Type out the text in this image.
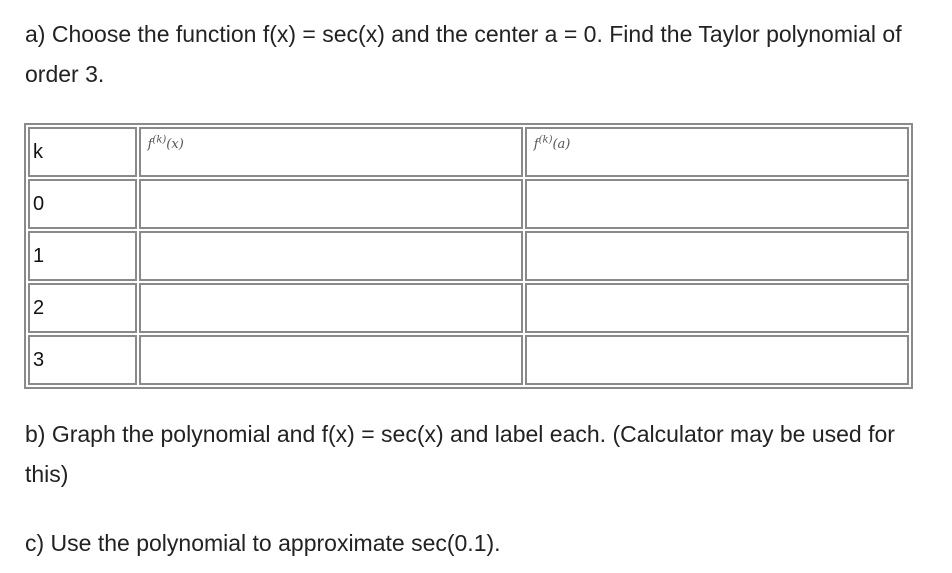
a) Choose the function f(x) = sec(x) and the center a = 0. Find the Taylor polynomial of order 3.

k	$^{f^{(k)}(x)}$	$^{f^{(k)}(a)}$
0		
1		
2		
3		

b) Graph the polynomial and f(x) = sec(x) and label each. (Calculator may be used for this)

c) Use the polynomial to approximate sec(0.1).
